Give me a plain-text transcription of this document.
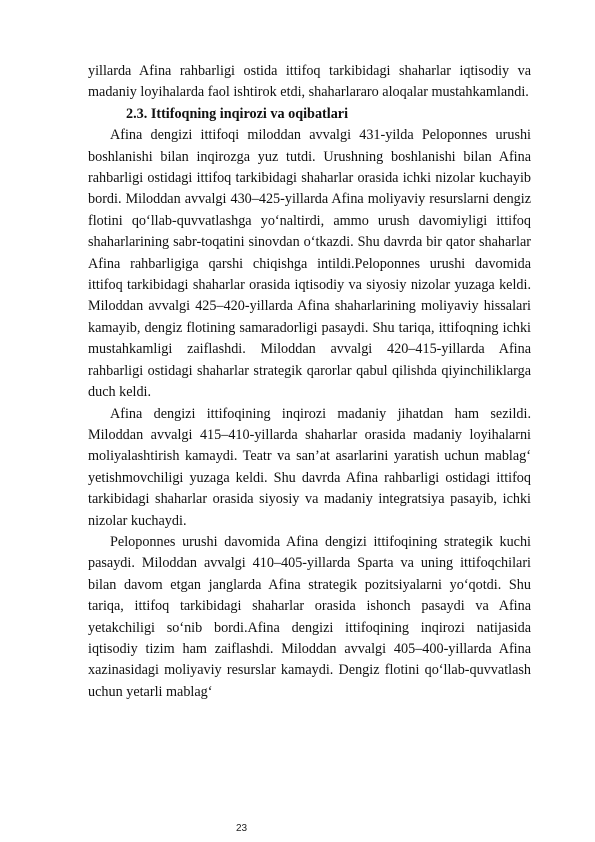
yillarda Afina rahbarligi ostida ittifoq tarkibidagi shaharlar iqtisodiy va madaniy loyihalarda faol ishtirok etdi, shaharlararo aloqalar mustahkamlandi.

2.3. Ittifoqning inqirozi va oqibatlari

Afina dengizi ittifoqi miloddan avvalgi 431-yilda Peloponnes urushi boshlanishi bilan inqirozga yuz tutdi. Urushning boshlanishi bilan Afina rahbarligi ostidagi ittifoq tarkibidagi shaharlar orasida ichki nizolar kuchayib bordi. Miloddan avvalgi 430–425-yillarda Afina moliyaviy resurslarni dengiz flotini qo‘llab-quvvatlashga yo‘naltirdi, ammo urush davomiyligi ittifoq shaharlarining sabr-toqatini sinovdan o‘tkazdi. Shu davrda bir qator shaharlar Afina rahbarligiga qarshi chiqishga intildi.Peloponnes urushi davomida ittifoq tarkibidagi shaharlar orasida iqtisodiy va siyosiy nizolar yuzaga keldi. Miloddan avvalgi 425–420-yillarda Afina shaharlarining moliyaviy hissalari kamayib, dengiz flotining samaradorligi pasaydi. Shu tariqa, ittifoqning ichki mustahkamligi zaiflashdi. Miloddan avvalgi 420–415-yillarda Afina rahbarligi ostidagi shaharlar strategik qarorlar qabul qilishda qiyinchiliklarga duch keldi.

Afina dengizi ittifoqining inqirozi madaniy jihatdan ham sezildi. Miloddan avvalgi 415–410-yillarda shaharlar orasida madaniy loyihalarni moliyalashtirish kamaydi. Teatr va san’at asarlarini yaratish uchun mablag‘ yetishmovchiligi yuzaga keldi. Shu davrda Afina rahbarligi ostidagi ittifoq tarkibidagi shaharlar orasida siyosiy va madaniy integratsiya pasayib, ichki nizolar kuchaydi.

Peloponnes urushi davomida Afina dengizi ittifoqining strategik kuchi pasaydi. Miloddan avvalgi 410–405-yillarda Sparta va uning ittifoqchilari bilan davom etgan janglarda Afina strategik pozitsiyalarni yo‘qotdi. Shu tariqa, ittifoq tarkibidagi shaharlar orasida ishonch pasaydi va Afina yetakchiligi so‘nib bordi.Afina dengizi ittifoqining inqirozi natijasida iqtisodiy tizim ham zaiflashdi. Miloddan avvalgi 405–400-yillarda Afina xazinasidagi moliyaviy resurslar kamaydi. Dengiz flotini qo‘llab-quvvatlash uchun yetarli mablag‘

23
